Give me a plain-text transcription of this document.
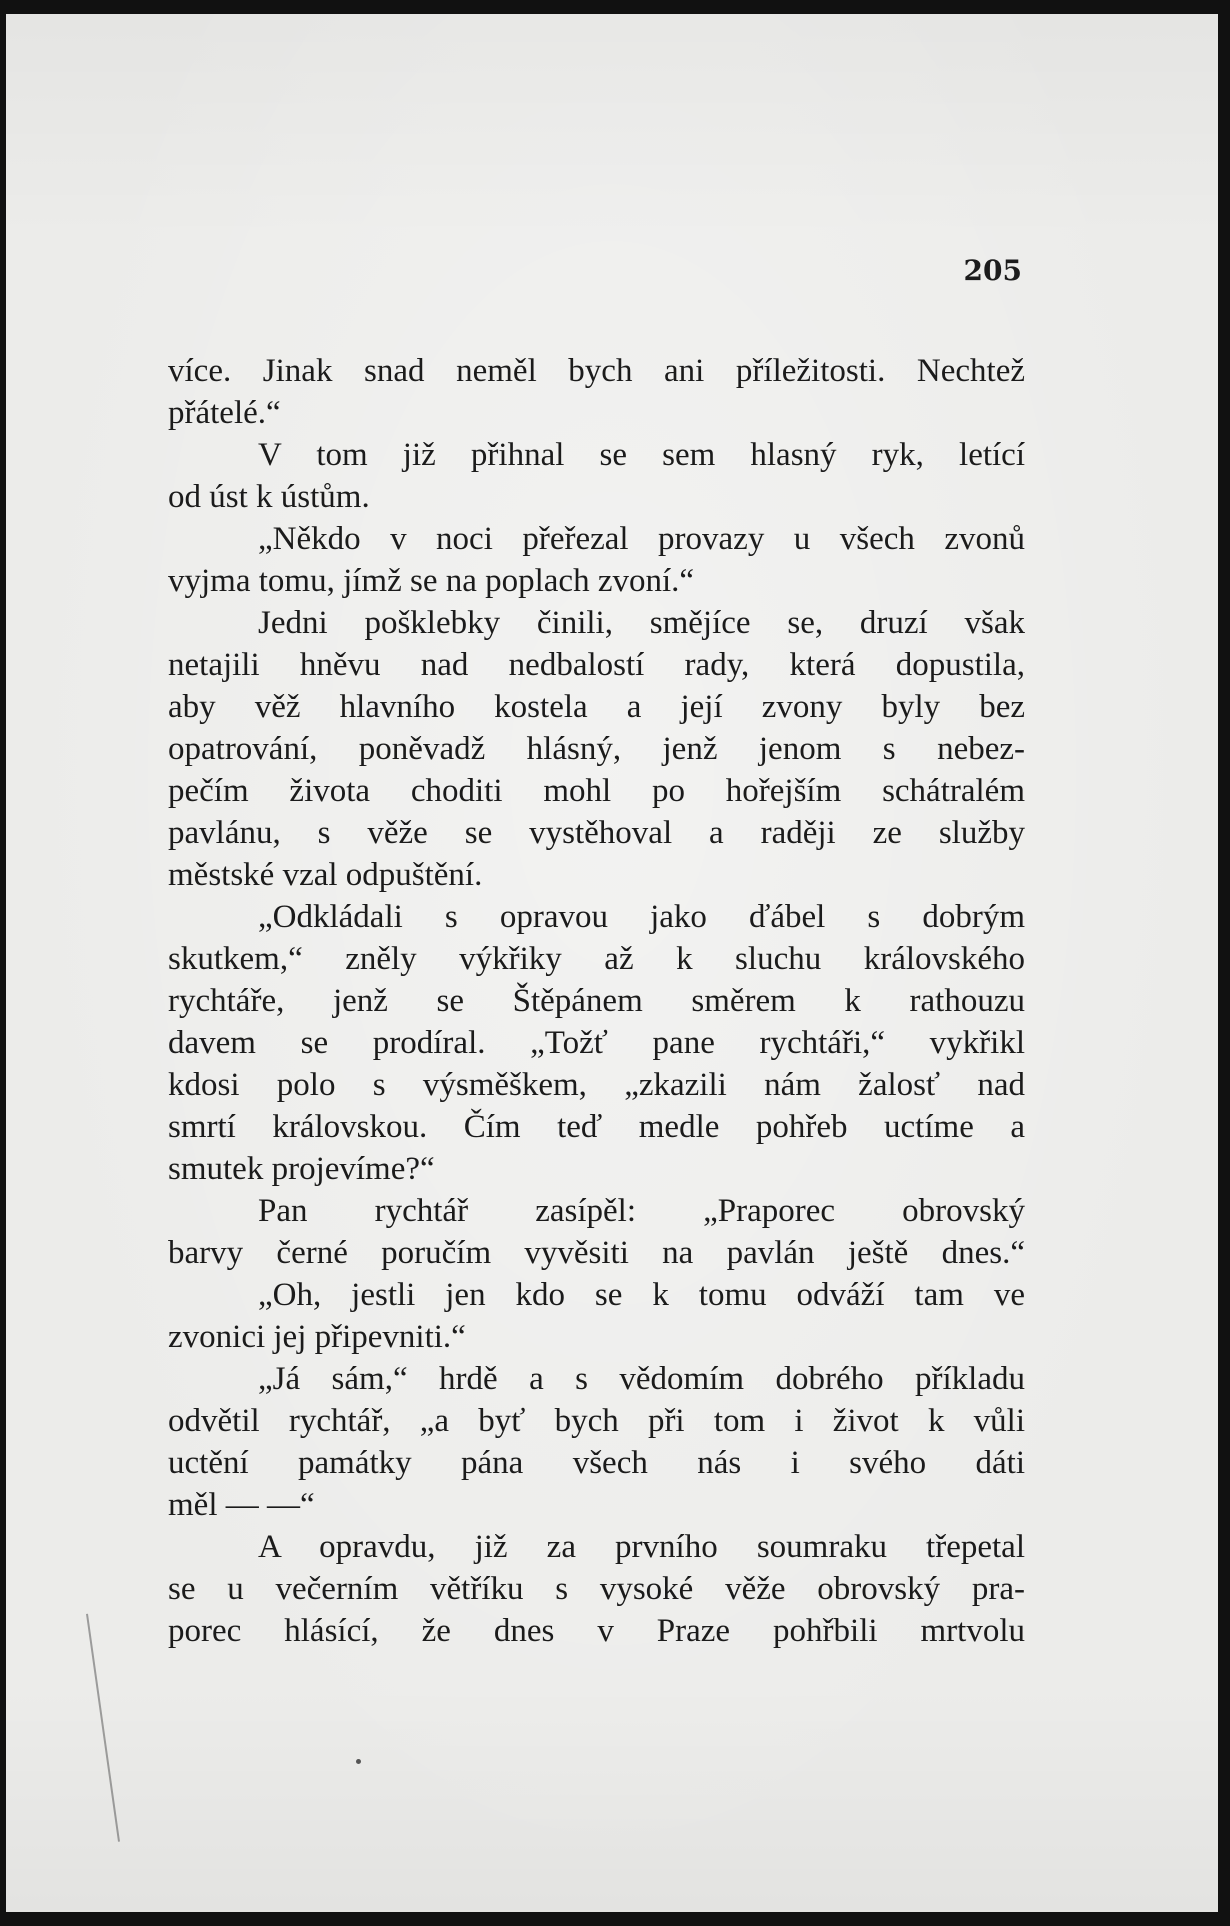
205
více. Jinak snad neměl bych ani příležitosti. Nechtež
přátelé.“
V tom již přihnal se sem hlasný ryk, letící
od úst k ústům.
„Někdo v noci přeřezal provazy u všech zvonů
vyjma tomu, jímž se na poplach zvoní.“
Jedni pošklebky činili, smějíce se, druzí však
netajili hněvu nad nedbalostí rady, která dopustila,
aby věž hlavního kostela a její zvony byly bez
opatrování, poněvadž hlásný, jenž jenom s nebez-
pečím života choditi mohl po hořejším schátralém
pavlánu, s věže se vystěhoval a raději ze služby
městské vzal odpuštění.
„Odkládali s opravou jako ďábel s dobrým
skutkem,“ zněly výkřiky až k sluchu královského
rychtáře, jenž se Štěpánem směrem k rathouzu
davem se prodíral. „Tožť pane rychtáři,“ vykřikl
kdosi polo s výsměškem, „zkazili nám žalosť nad
smrtí královskou. Čím teď medle pohřeb uctíme a
smutek projevíme?“
Pan rychtář zasípěl: „Praporec obrovský
barvy černé poručím vyvěsiti na pavlán ještě dnes.“
„Oh, jestli jen kdo se k tomu odváží tam ve
zvonici jej připevniti.“
„Já sám,“ hrdě a s vědomím dobrého příkladu
odvětil rychtář, „a byť bych při tom i život k vůli
uctění památky pána všech nás i svého dáti
měl — —“
A opravdu, již za prvního soumraku třepetal
se u večerním větříku s vysoké věže obrovský pra-
porec hlásící, že dnes v Praze pohřbili mrtvolu
